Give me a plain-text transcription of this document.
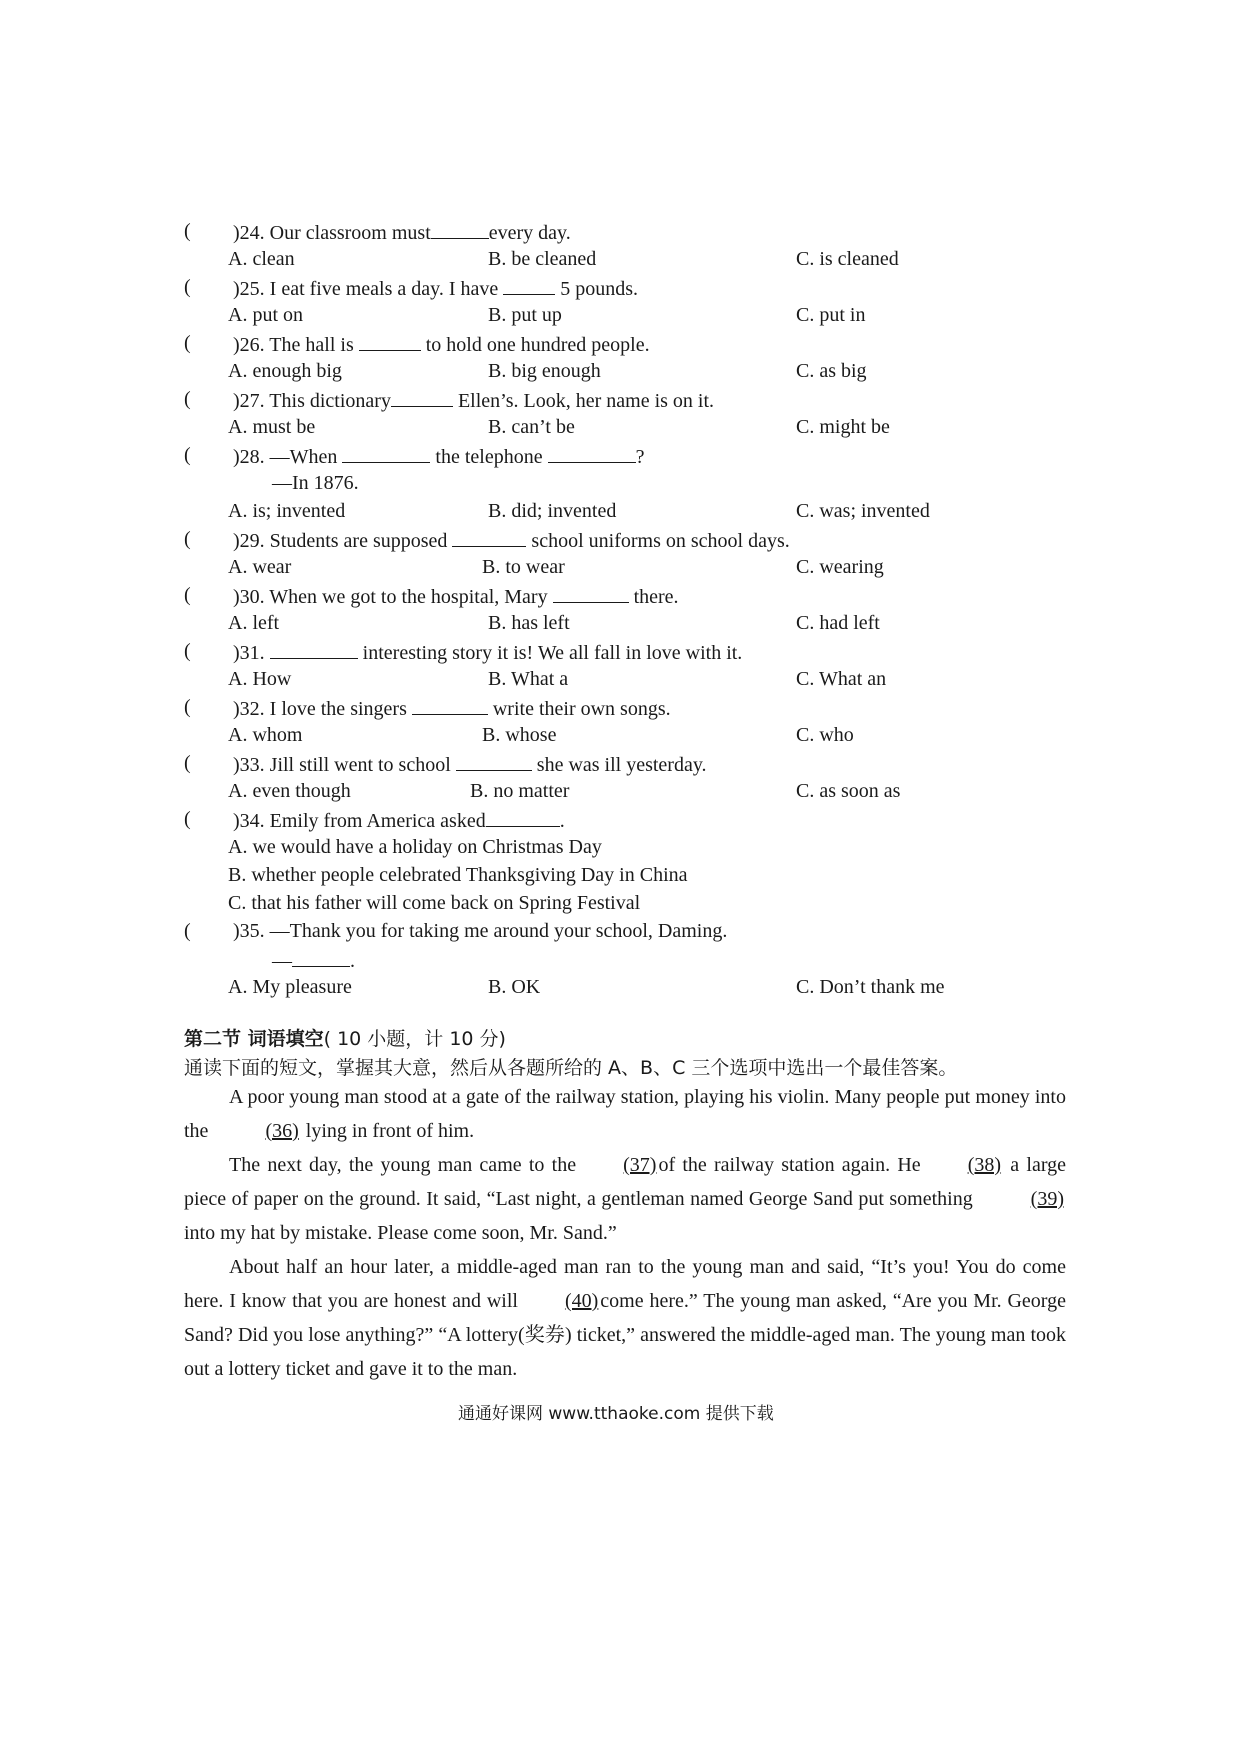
( )24. Our classroom must	every day.
A. clean	B. be cleaned	C. is cleaned
( )25. I eat five meals a day. I have	5 pounds.
A. put on	B. put up	C. put in
( )26. The hall is	to hold one hundred people.
A. enough big	B. big enough	C. as big
( )27. This dictionary	Ellen’s. Look, her name is on it.
A. must be	B. can’t be	C. might be
( )28. —When	the telephone	?
—In 1876.
A. is; invented	B. did; invented	C. was; invented
( )29. Students are supposed	school uniforms on school days.
A. wear	B. to wear	C. wearing
( )30. When we got to the hospital, Mary	there.
A. left	B. has left	C. had left
( )31.	interesting story it is! We all fall in love with it.
A. How	B. What a	C. What an
( )32. I love the singers	write their own songs.
A. whom	B. whose	C. who
( )33. Jill still went to school	she was ill yesterday.
A. even though	B. no matter	C. as soon as
( )34. Emily from America asked	.
A. we would have a holiday on Christmas Day
B. whether people celebrated Thanksgiving Day in China
C. that his father will come back on Spring Festival
( )35. —Thank you for taking me around your school, Daming.
—	.
A. My pleasure	B. OK	C. Don’t thank me
第二节 词语填空( 10 小题，计 10 分)
通读下面的短文，掌握其大意，然后从各题所给的 A、B、C 三个选项中选出一个最佳答案。

A poor young man stood at a gate of the railway station, playing his violin. Many people put money into the	(36) lying in front of him.

The next day, the young man came to the (37) of the railway station again. He (38) a large piece of paper on the ground. It said, “Last night, a gentleman named George Sand put something	(39)into my hat by mistake. Please come soon, Mr. Sand.”

About half an hour later, a middle-aged man ran to the young man and said, “It’s you! You do come here. I know that you are honest and will (40) come here.” The young man asked, “Are you Mr. George Sand? Did you lose anything?” “A lottery(奖券) ticket,” answered the middle-aged man. The young man took out a lottery ticket and gave it to the man.

通通好课网 www.tthaoke.com 提供下载
